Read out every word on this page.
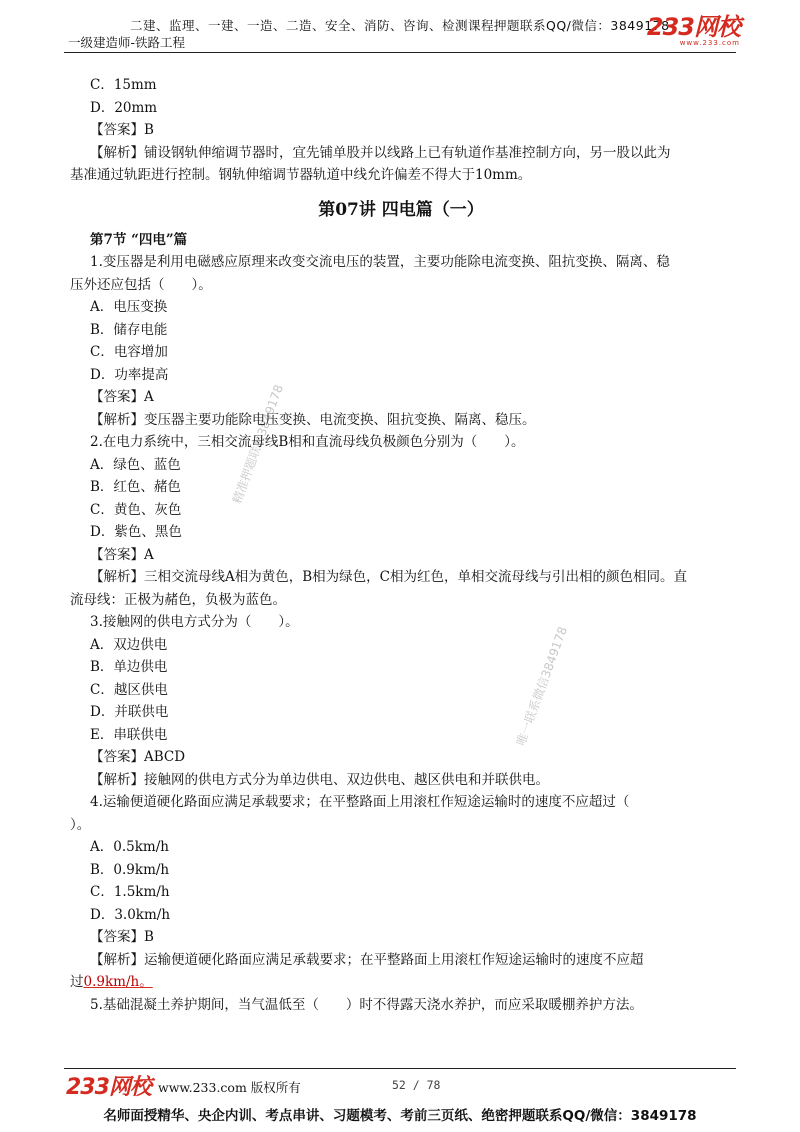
二建、监理、一建、一造、二造、安全、消防、咨询、检测课程押题联系QQ/微信：3849178
一级建造师-铁路工程
233网校
www.233.com
精准押题联系3849178
唯一联系微信3849178
C．15mm
D．20mm
【答案】B
【解析】铺设钢轨伸缩调节器时，宜先铺单股并以线路上已有轨道作基准控制方向，另一股以此为
基准通过轨距进行控制。钢轨伸缩调节器轨道中线允许偏差不得大于10mm。
第07讲 四电篇（一）
第7节 “四电”篇
1.变压器是利用电磁感应原理来改变交流电压的装置，主要功能除电流变换、阻抗变换、隔离、稳
压外还应包括（　　）。
A．电压变换
B．储存电能
C．电容增加
D．功率提高
【答案】A
【解析】变压器主要功能除电压变换、电流变换、阻抗变换、隔离、稳压。
2.在电力系统中，三相交流母线B相和直流母线负极颜色分别为（　　）。
A．绿色、蓝色
B．红色、赭色
C．黄色、灰色
D．紫色、黑色
【答案】A
【解析】三相交流母线A相为黄色，B相为绿色，C相为红色，单相交流母线与引出相的颜色相同。直
流母线：正极为赭色，负极为蓝色。
3.接触网的供电方式分为（　　）。
A．双边供电
B．单边供电
C．越区供电
D．并联供电
E．串联供电
【答案】ABCD
【解析】接触网的供电方式分为单边供电、双边供电、越区供电和并联供电。
4.运输便道硬化路面应满足承载要求；在平整路面上用滚杠作短途运输时的速度不应超过（
）。
A．0.5km/h
B．0.9km/h
C．1.5km/h
D．3.0km/h
【答案】B
【解析】运输便道硬化路面应满足承载要求；在平整路面上用滚杠作短途运输时的速度不应超
过0.9km/h。
5.基础混凝土养护期间，当气温低至（　　）时不得露天浇水养护，而应采取暖棚养护方法。
233网校 www.233.com 版权所有	52 / 78
名师面授精华、央企内训、考点串讲、习题模考、考前三页纸、绝密押题联系QQ/微信：3849178
